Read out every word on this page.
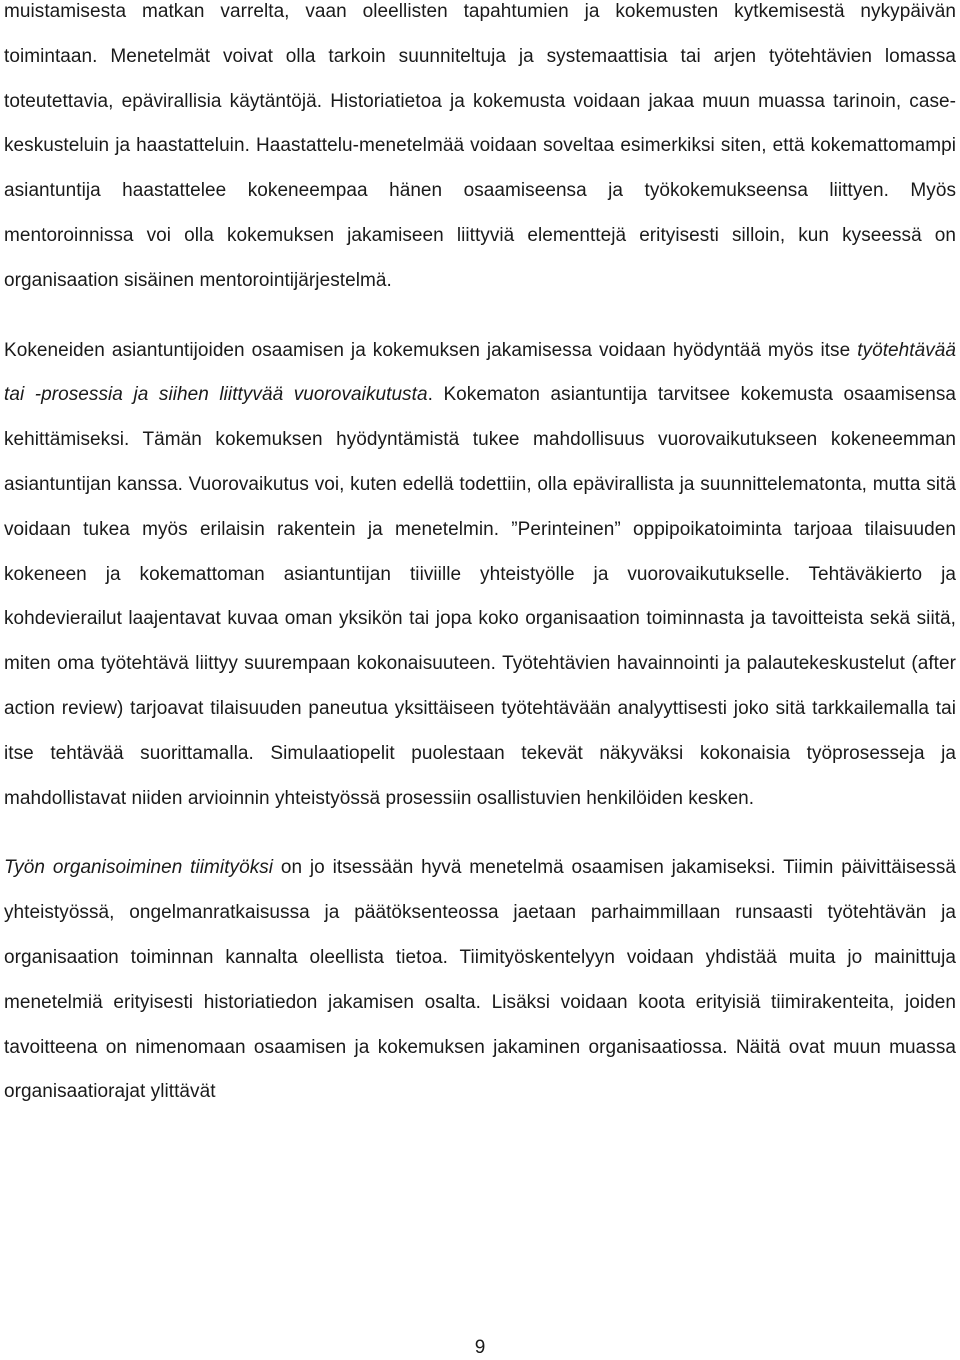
muistamisesta matkan varrelta, vaan oleellisten tapahtumien ja kokemusten kytkemisestä nykypäivän toimintaan. Menetelmät voivat olla tarkoin suunniteltuja ja systemaattisia tai arjen työtehtävien lomassa toteutettavia, epävirallisia käytäntöjä. Historiatietoa ja kokemusta voidaan jakaa muun muassa tarinoin, case-keskusteluin ja haastatteluin. Haastattelu-menetelmää voidaan soveltaa esimerkiksi siten, että kokemattomampi asiantuntija haastattelee kokeneempaa hänen osaamiseensa ja työkokemukseensa liittyen. Myös mentoroinnissa voi olla kokemuksen jakamiseen liittyviä elementtejä erityisesti silloin, kun kyseessä on organisaation sisäinen mentorointijärjestelmä.

Kokeneiden asiantuntijoiden osaamisen ja kokemuksen jakamisessa voidaan hyödyntää myös itse työtehtävää tai -prosessia ja siihen liittyvää vuorovaikutusta. Kokematon asiantuntija tarvitsee kokemusta osaamisensa kehittämiseksi. Tämän kokemuksen hyödyntämistä tukee mahdollisuus vuorovaikutukseen kokeneemman asiantuntijan kanssa. Vuorovaikutus voi, kuten edellä todettiin, olla epävirallista ja suunnittelematonta, mutta sitä voidaan tukea myös erilaisin rakentein ja menetelmin. ”Perinteinen” oppipoikatoiminta tarjoaa tilaisuuden kokeneen ja kokemattoman asiantuntijan tiiviille yhteistyölle ja vuorovaikutukselle. Tehtäväkierto ja kohdevierailut laajentavat kuvaa oman yksikön tai jopa koko organisaation toiminnasta ja tavoitteista sekä siitä, miten oma työtehtävä liittyy suurempaan kokonaisuuteen. Työtehtävien havainnointi ja palautekeskustelut (after action review) tarjoavat tilaisuuden paneutua yksittäiseen työtehtävään analyyttisesti joko sitä tarkkailemalla tai itse tehtävää suorittamalla. Simulaatiopelit puolestaan tekevät näkyväksi kokonaisia työprosesseja ja mahdollistavat niiden arvioinnin yhteistyössä prosessiin osallistuvien henkilöiden kesken.

Työn organisoiminen tiimityöksi on jo itsessään hyvä menetelmä osaamisen jakamiseksi. Tiimin päivittäisessä yhteistyössä, ongelmanratkaisussa ja päätöksenteossa jaetaan parhaimmillaan runsaasti työtehtävän ja organisaation toiminnan kannalta oleellista tietoa. Tiimityöskentelyyn voidaan yhdistää muita jo mainittuja menetelmiä erityisesti historiatiedon jakamisen osalta. Lisäksi voidaan koota erityisiä tiimirakenteita, joiden tavoitteena on nimenomaan osaamisen ja kokemuksen jakaminen organisaatiossa. Näitä ovat muun muassa organisaatiorajat ylittävät

9
